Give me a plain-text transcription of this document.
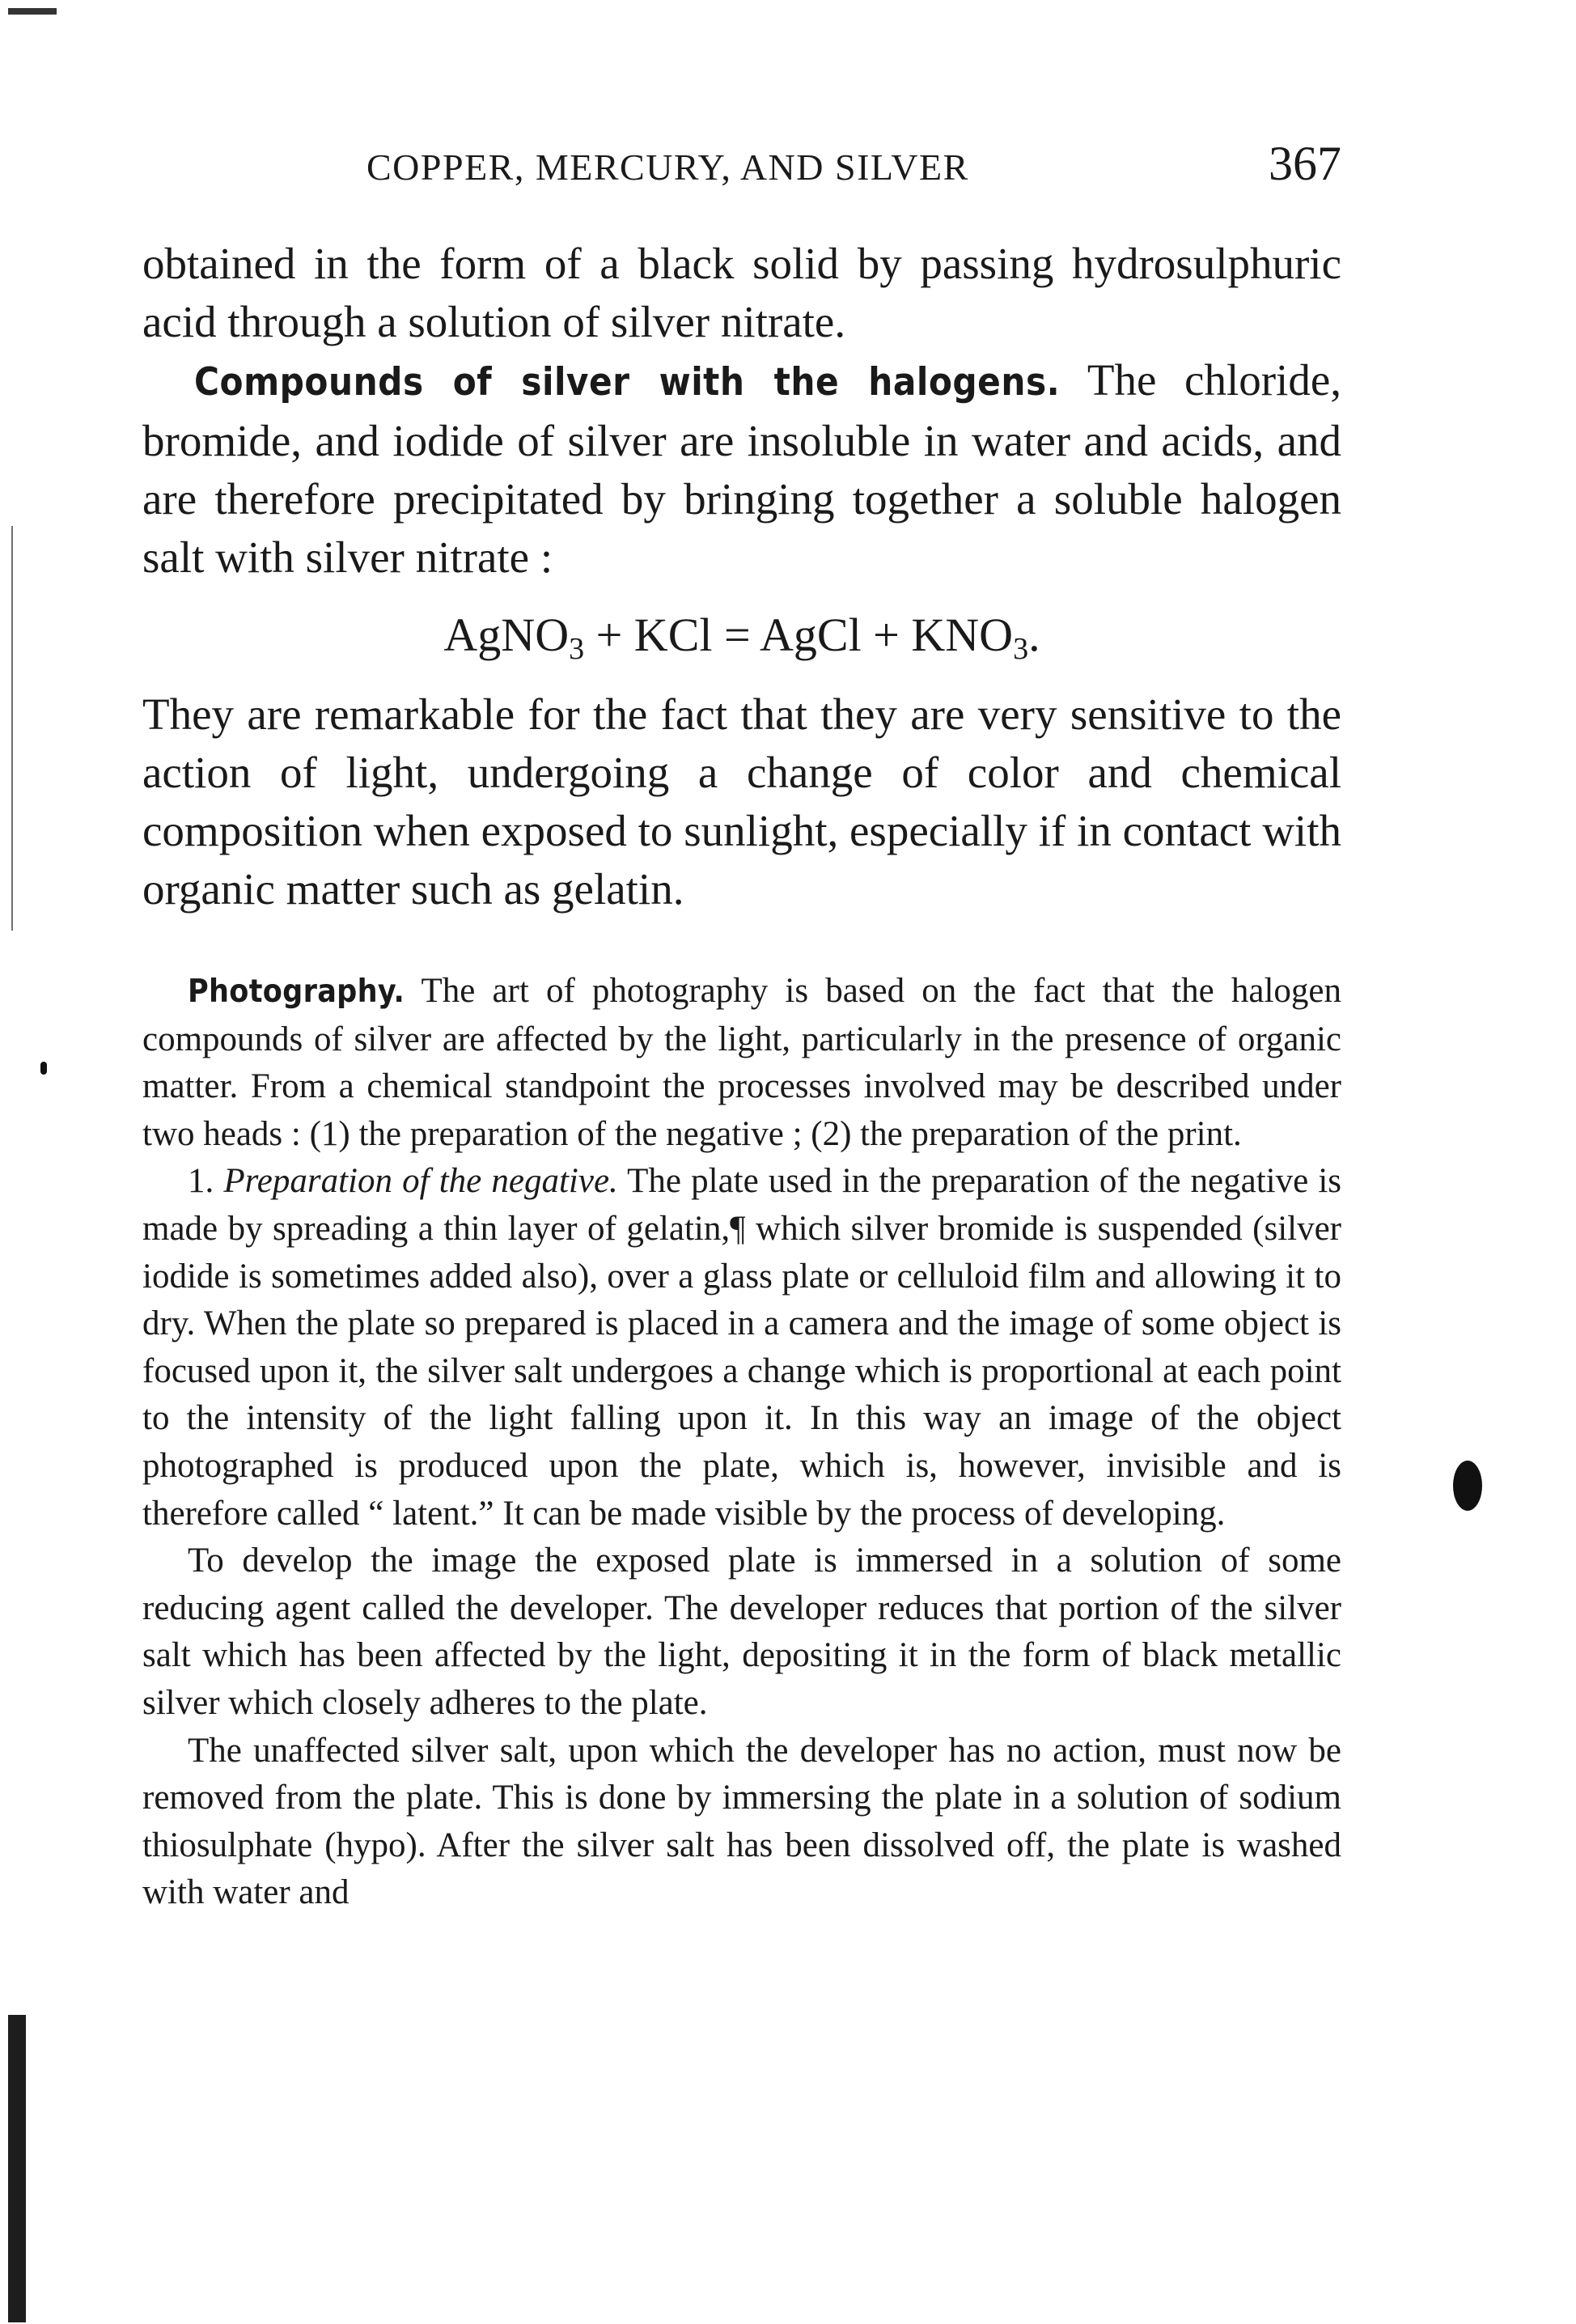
COPPER, MERCURY, AND SILVER	367

obtained in the form of a black solid by passing hydrosulphuric acid through a solution of silver nitrate.

Compounds of silver with the halogens. The chloride, bromide, and iodide of silver are insoluble in water and acids, and are therefore precipitated by bringing together a soluble halogen salt with silver nitrate :

AgNO$_3$ + KCl = AgCl + $KNO_3$.

They are remarkable for the fact that they are very sensitive to the action of light, undergoing a change of color and chemical composition when exposed to sunlight, especially if in contact with organic matter such as gelatin.

Photography. The art of photography is based on the fact that the halogen compounds of silver are affected by the light, particularly in the presence of organic matter. From a chemical standpoint the processes involved may be described under two heads : (1) the preparation of the negative ; (2) the preparation of the print.

1. Preparation of the negative. The plate used in the preparation of the negative is made by spreading a thin layer of gelatin,¶ which silver bromide is suspended (silver iodide is sometimes added also), over a glass plate or celluloid film and allowing it to dry. When the plate so prepared is placed in a camera and the image of some object is focused upon it, the silver salt undergoes a change which is proportional at each point to the intensity of the light falling upon it. In this way an image of the object photographed is produced upon the plate, which is, however, invisible and is therefore called “ latent.” It can be made visible by the process of developing.

To develop the image the exposed plate is immersed in a solution of some reducing agent called the developer. The developer reduces that portion of the silver salt which has been affected by the light, depositing it in the form of black metallic silver which closely adheres to the plate.

The unaffected silver salt, upon which the developer has no action, must now be removed from the plate. This is done by immersing the plate in a solution of sodium thiosulphate (hypo). After the silver salt has been dissolved off, the plate is washed with water and
